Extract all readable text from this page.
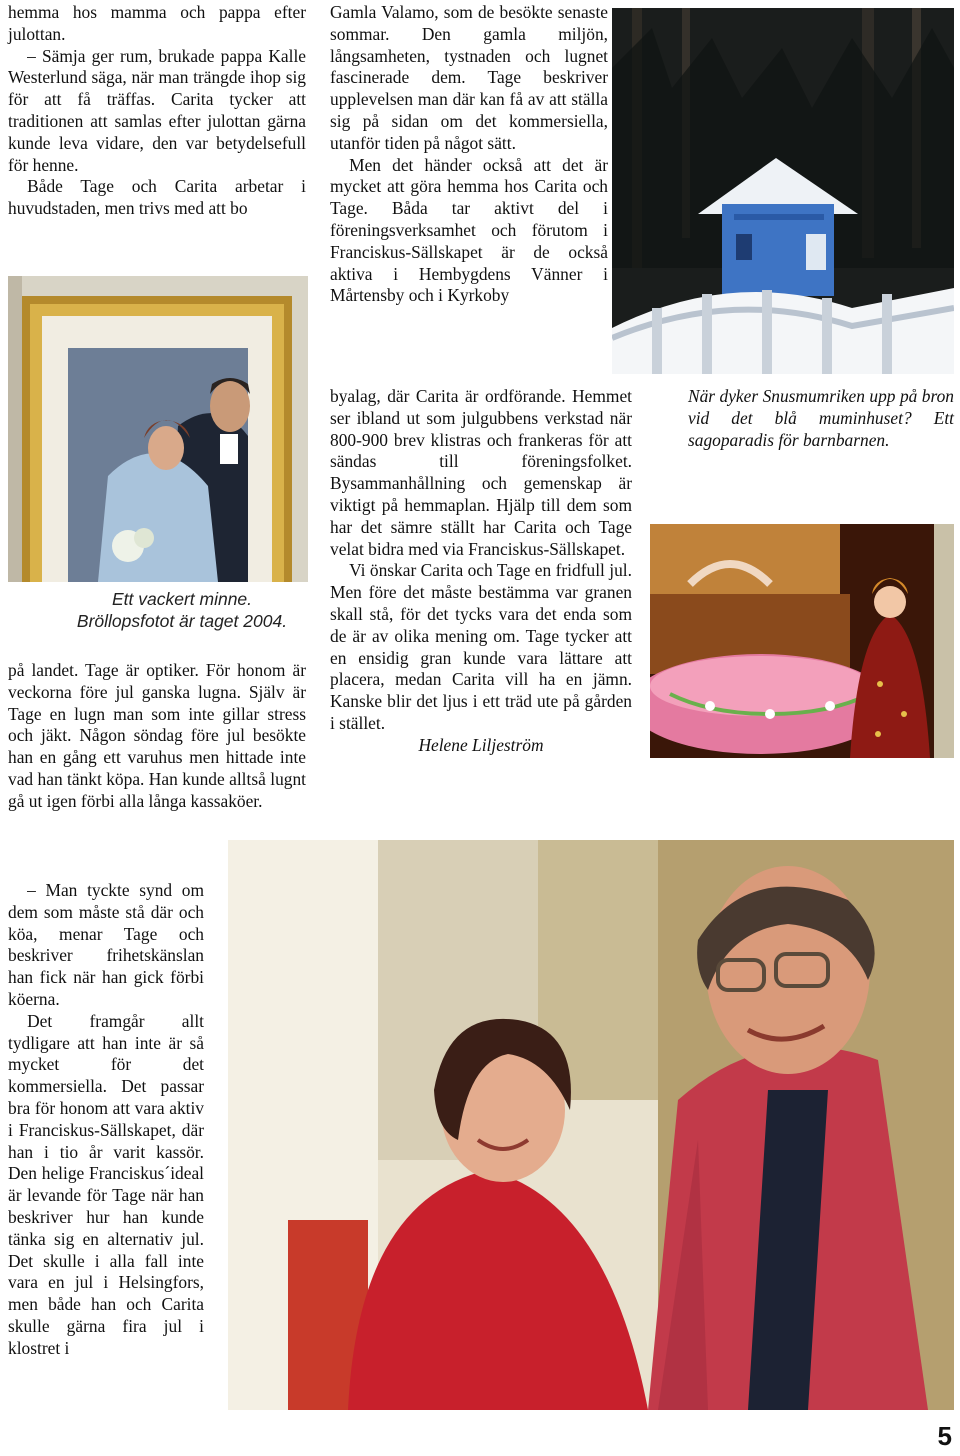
hemma hos mamma och pappa efter julottan.

– Sämja ger rum, brukade pappa Kalle Westerlund säga, när man trängde ihop sig för att få träffas. Carita tycker att traditionen att samlas efter julottan gärna kunde leva vidare, den var betydelsefull för henne.

Både Tage och Carita arbetar i huvudstaden, men trivs med att bo

Ett vackert minne.
Bröllopsfotot är taget 2004.

på landet. Tage är optiker. För honom är veckorna före jul ganska lugna. Själv är Tage en lugn man som inte gillar stress och jäkt. Någon söndag före jul besökte han en gång ett varuhus men hittade inte vad han tänkt köpa. Han kunde alltså lugnt gå ut igen förbi alla långa kassaköer.

– Man tyckte synd om dem som måste stå där och köa, menar Tage och beskriver frihetskänslan han fick när han gick förbi köerna.

Det framgår allt tydligare att han inte är så mycket för det kommersiella. Det passar bra för honom att vara aktiv i Franciskus-Sällskapet, där han i tio år varit kassör. Den helige Franciskus´ideal är levande för Tage när han beskriver hur han kunde tänka sig en alternativ jul. Det skulle i alla fall inte vara en jul i Helsingfors, men både han och Carita skulle gärna fira jul i klostret i

Gamla Valamo, som de besökte senaste sommar. Den gamla miljön, långsamheten, tystnaden och lugnet fascinerade dem. Tage beskriver upplevelsen man där kan få av att ställa sig på sidan om det kommersiella, utanför tiden på något sätt.

Men det händer också att det är mycket att göra hemma hos Carita och Tage. Båda tar aktivt del i föreningsverksamhet och förutom i Franciskus-Sällskapet är de också aktiva i Hembygdens Vänner i Mårtensby och i Kyrkoby

byalag, där Carita är ordförande. Hemmet ser ibland ut som julgubbens verkstad när 800-900 brev klistras och frankeras för att sändas till föreningsfolket. Bysammanhållning och gemenskap är viktigt på hemmaplan. Hjälp till dem som har det sämre ställt har Carita och Tage velat bidra med via Franciskus-Sällskapet.

Vi önskar Carita och Tage en fridfull jul. Men före det måste bestämma var granen skall stå, för det tycks vara det enda som de är av olika mening om. Tage tycker att en ensidig gran kunde vara lättare att placera, medan Carita vill ha en jämn. Kanske blir det ljus i ett träd ute på gården i stället.

Helene Liljeström

När dyker Snusmumriken upp på bron vid det blå muminhuset? Ett sagoparadis för barnbarnen.
5
